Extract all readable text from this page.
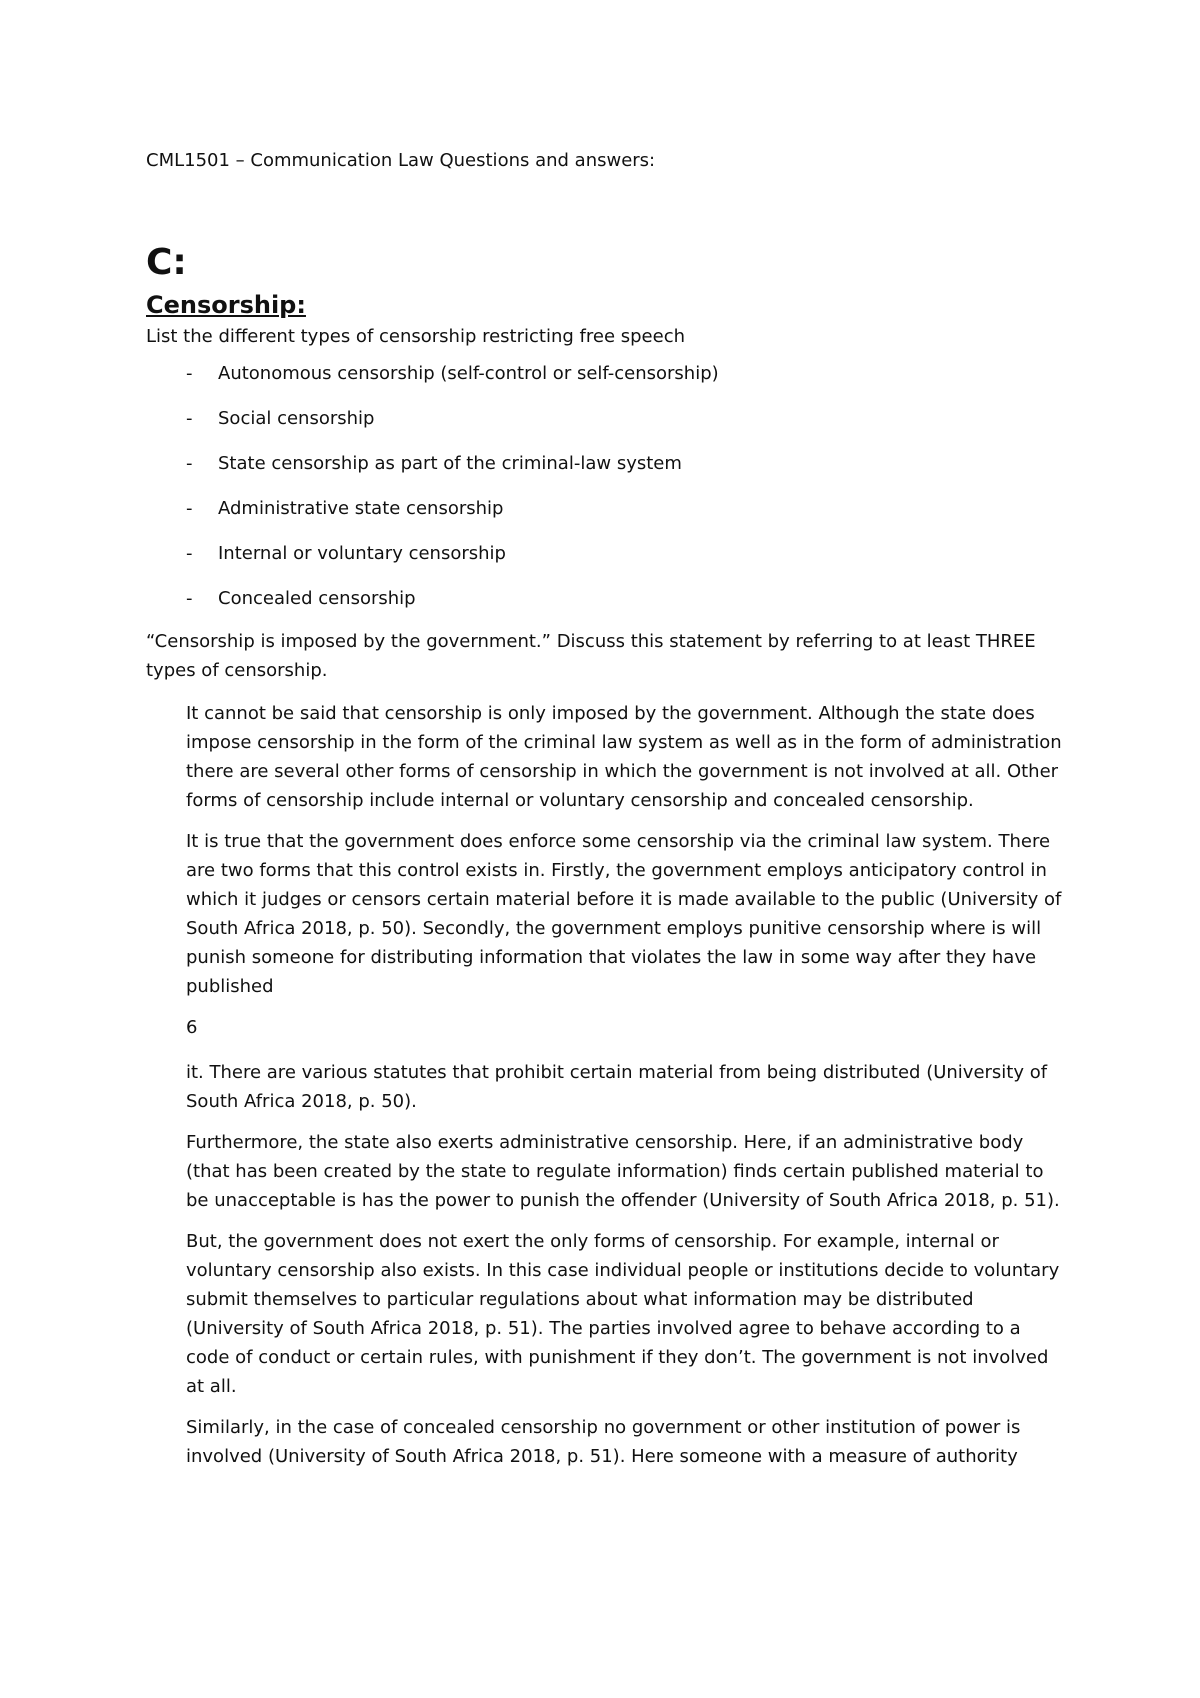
CML1501 – Communication Law Questions and answers:
C:
Censorship:

List the different types of censorship restricting free speech

- Autonomous censorship (self-control or self-censorship)
- Social censorship
- State censorship as part of the criminal-law system
- Administrative state censorship
- Internal or voluntary censorship
- Concealed censorship

“Censorship is imposed by the government.” Discuss this statement by referring to at least THREE types of censorship.

It cannot be said that censorship is only imposed by the government. Although the state does impose censorship in the form of the criminal law system as well as in the form of administration there are several other forms of censorship in which the government is not involved at all. Other forms of censorship include internal or voluntary censorship and concealed censorship.

It is true that the government does enforce some censorship via the criminal law system. There are two forms that this control exists in. Firstly, the government employs anticipatory control in which it judges or censors certain material before it is made available to the public (University of South Africa 2018, p. 50). Secondly, the government employs punitive censorship where is will punish someone for distributing information that violates the law in some way after they have published

6

it. There are various statutes that prohibit certain material from being distributed (University of South Africa 2018, p. 50).

Furthermore, the state also exerts administrative censorship. Here, if an administrative body (that has been created by the state to regulate information) finds certain published material to be unacceptable is has the power to punish the offender (University of South Africa 2018, p. 51).

But, the government does not exert the only forms of censorship. For example, internal or voluntary censorship also exists. In this case individual people or institutions decide to voluntary submit themselves to particular regulations about what information may be distributed (University of South Africa 2018, p. 51). The parties involved agree to behave according to a code of conduct or certain rules, with punishment if they don’t. The government is not involved at all.

Similarly, in the case of concealed censorship no government or other institution of power is involved (University of South Africa 2018, p. 51). Here someone with a measure of authority
